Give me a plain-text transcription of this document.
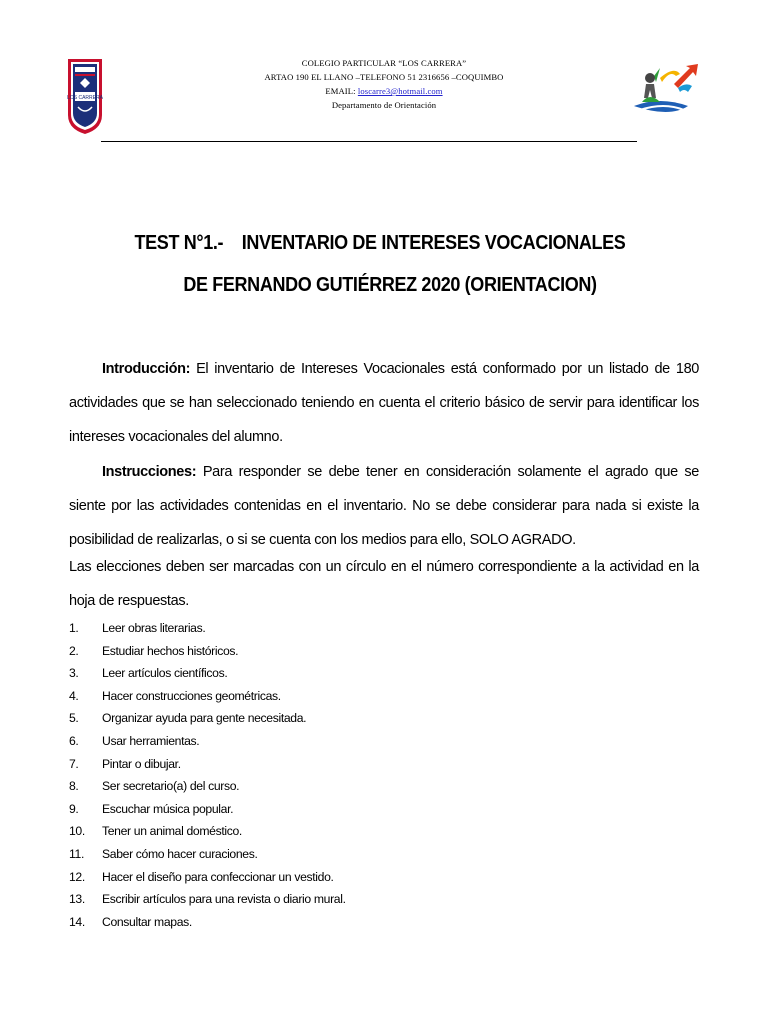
LOS CARRERA
COLEGIO PARTICULAR “LOS CARRERA”
ARTAO 190 EL LLANO –TELEFONO 51 2316656 –COQUIMBO
EMAIL: loscarre3@hotmail.com
Departamento de Orientación
TEST N°1.-    INVENTARIO DE INTERESES VOCACIONALES
DE FERNANDO GUTIÉRREZ 2020 (ORIENTACION)
Introducción: El inventario de Intereses Vocacionales está conformado por un listado de 180 actividades que se han seleccionado teniendo en cuenta el criterio básico de servir para identificar los intereses vocacionales del alumno.
Instrucciones: Para responder se debe tener en consideración solamente el agrado que se siente por las actividades contenidas en el inventario. No se debe considerar para nada si existe la posibilidad de realizarlas, o si se cuenta con los medios para ello, SOLO AGRADO.
Las elecciones deben ser marcadas con un círculo en el número correspondiente a la actividad en la hoja de respuestas.
1.	Leer obras literarias.
2.	Estudiar hechos históricos.
3.	Leer artículos científicos.
4.	Hacer construcciones geométricas.
5.	Organizar ayuda para gente necesitada.
6.	Usar herramientas.
7.	Pintar o dibujar.
8.	Ser secretario(a) del curso.
9.	Escuchar música popular.
10.	Tener un animal doméstico.
11.	Saber cómo hacer curaciones.
12.	Hacer el diseño para confeccionar un vestido.
13.	Escribir artículos para una revista o diario mural.
14.	Consultar mapas.
